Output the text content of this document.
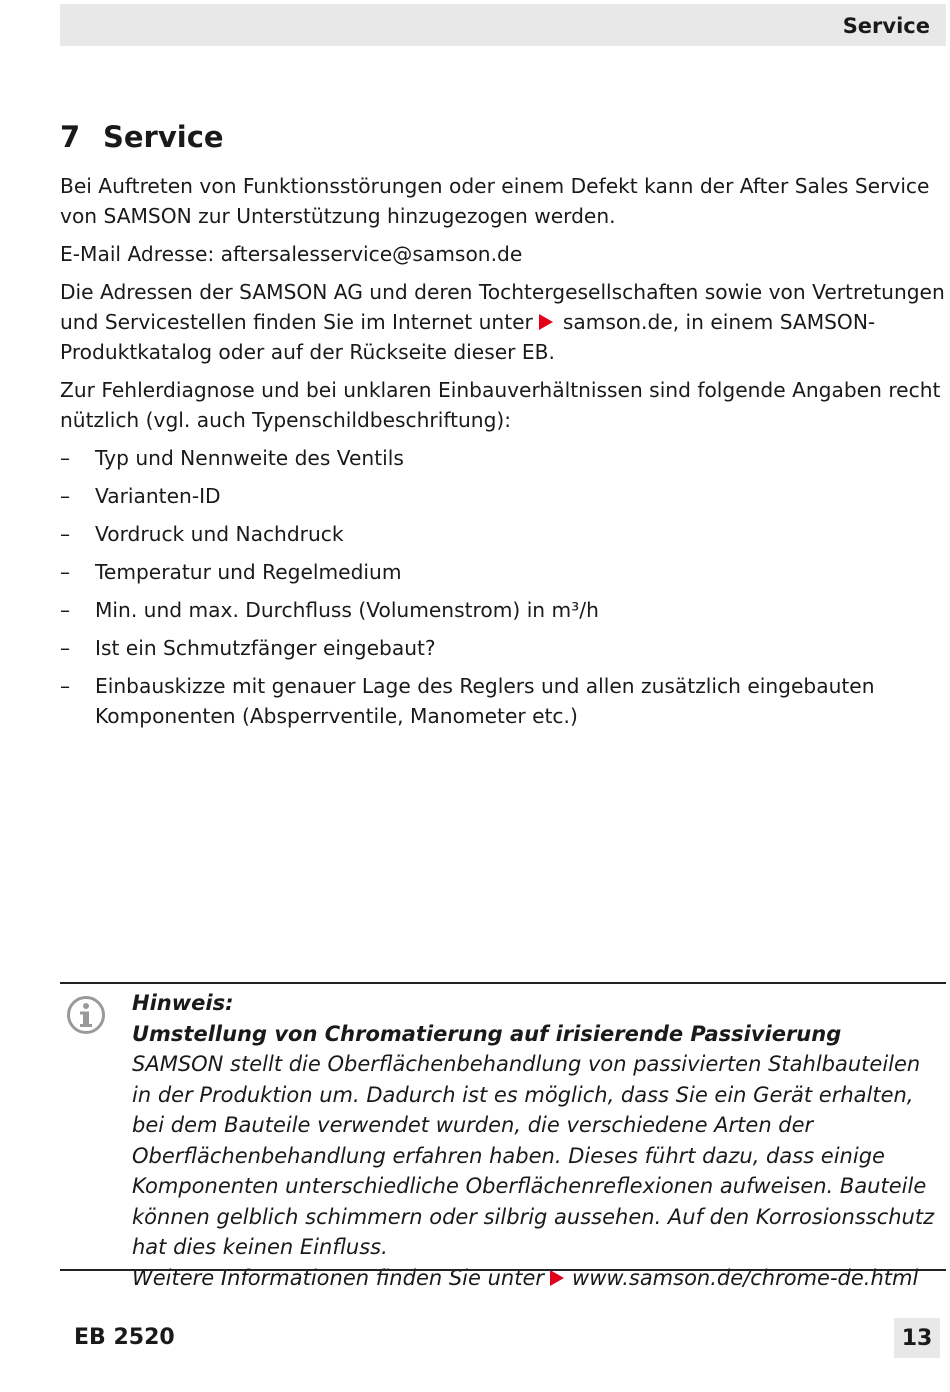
Service
7 Service

Bei Auftreten von Funktionsstörungen oder einem Defekt kann der After Sales Service von SAMSON zur Unterstützung hinzugezogen werden.

E-Mail Adresse: aftersalesservice@samson.de

Die Adressen der SAMSON AG und deren Tochtergesellschaften sowie von Vertretungen und Servicestellen finden Sie im Internet unter samson.de, in einem SAMSON-Produktkatalog oder auf der Rückseite dieser EB.

Zur Fehlerdiagnose und bei unklaren Einbauverhältnissen sind folgende Angaben recht nützlich (vgl. auch Typenschildbeschriftung):

– Typ und Nennweite des Ventils
– Varianten-ID
– Vordruck und Nachdruck
– Temperatur und Regelmedium
– Min. und max. Durchfluss (Volumenstrom) in m³/h
– Ist ein Schmutzfänger eingebaut?
– Einbauskizze mit genauer Lage des Reglers und allen zusätzlich eingebauten Komponenten (Absperrventile, Manometer etc.)
Hinweis:
Umstellung von Chromatierung auf irisierende Passivierung
SAMSON stellt die Oberflächenbehandlung von passivierten Stahlbauteilen in der Produktion um. Dadurch ist es möglich, dass Sie ein Gerät erhalten, bei dem Bauteile verwendet wurden, die verschiedene Arten der Oberflächenbehandlung erfahren haben. Dieses führt dazu, dass einige Komponenten unterschiedliche Oberflächenreflexionen aufweisen. Bauteile können gelblich schimmern oder silbrig aussehen. Auf den Korrosionsschutz hat dies keinen Einfluss.
Weitere Informationen finden Sie unter www.samson.de/chrome-de.html
EB 2520	13
